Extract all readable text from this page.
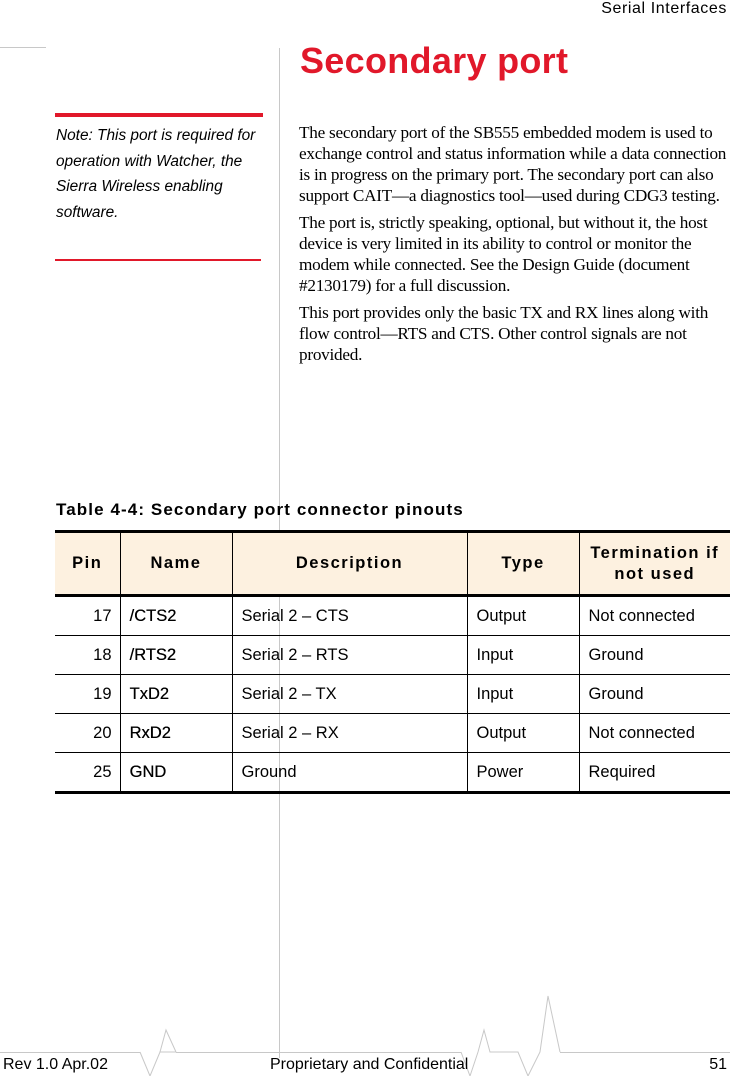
Serial Interfaces
Secondary port

Note: This port is required for operation with Watcher, the Sierra Wireless enabling software.

The secondary port of the SB555 embedded modem is used to exchange control and status information while a data connection is in progress on the primary port. The secondary port can also support CAIT—a diagnostics tool—used during CDG3 testing.

The port is, strictly speaking, optional, but without it, the host device is very limited in its ability to control or monitor the modem while connected. See the Design Guide (document #2130179) for a full discussion.

This port provides only the basic TX and RX lines along with flow control—RTS and CTS. Other control signals are not provided.

Table 4-4: Secondary port connector pinouts
Pin	Name	Description	Type	Termination if not used
17	/CTS2	Serial 2 – CTS	Output	Not connected
18	/RTS2	Serial 2 – RTS	Input	Ground
19	TxD2	Serial 2 – TX	Input	Ground
20	RxD2	Serial 2 – RX	Output	Not connected
25	GND	Ground	Power	Required
Rev 1.0 Apr.02	Proprietary and Confidential	51
